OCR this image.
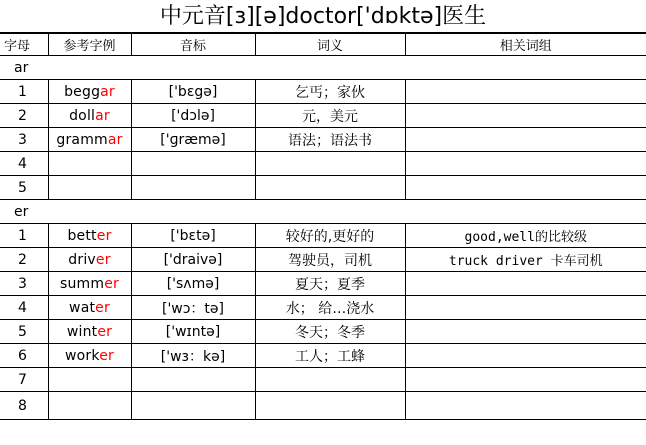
中元音[ɜ][ə]doctor['dɒktə]医生
字母	参考字例	音标	词义	相关词组
ar				
1	beggar	['bɛgə]	乞丐；家伙	
2	dollar	['dɔlə]	元，美元	
3	grammar	['ɡræmə]	语法；语法书	
4				
5				
er				
1	better	['bɛtə]	较好的,更好的	good,well的比较级
2	driver	['draivə]	驾驶员，司机	truck driver 卡车司机
3	summer	['sʌmə]	夏天；夏季	
4	water	['wɔ：tə]	水； 给…浇水	
5	winter	['wɪntə]	冬天；冬季	
6	worker	['wɜ：kə]	工人；工蜂	
7				
8				
